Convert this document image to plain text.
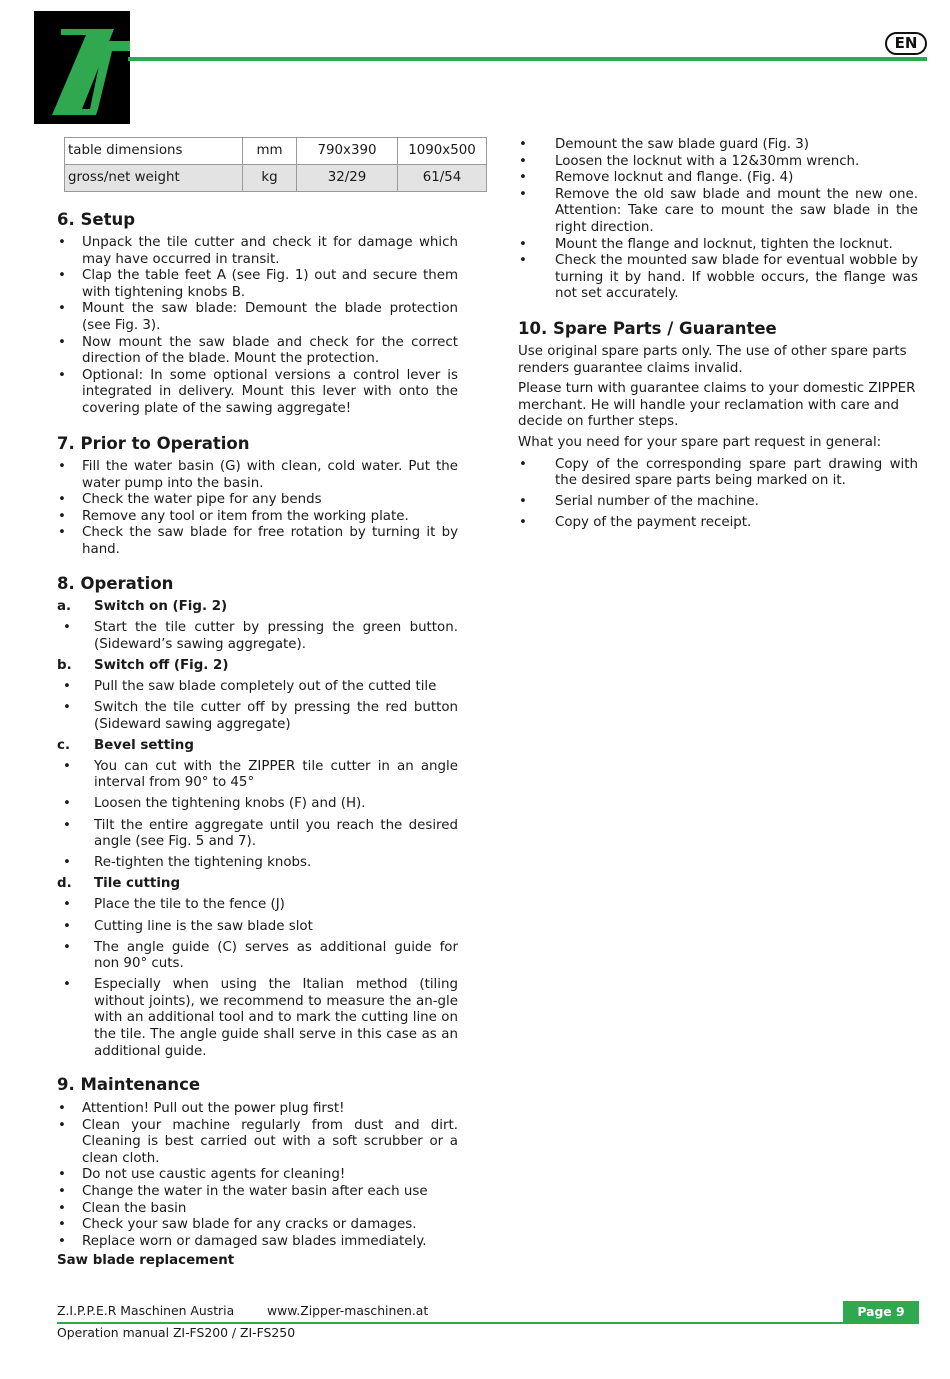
EN
table dimensions	mm	790x390	1090x500
gross/net weight	kg	32/29	61/54
6. Setup
• Unpack the tile cutter and check it for damage which may have occurred in transit.
• Clap the table feet A (see Fig. 1) out and secure them with tightening knobs B.
• Mount the saw blade: Demount the blade protection (see Fig. 3).
• Now mount the saw blade and check for the correct direction of the blade. Mount the protection.
• Optional: In some optional versions a control lever is integrated in delivery. Mount this lever with onto the covering plate of the sawing aggregate!
7. Prior to Operation
• Fill the water basin (G) with clean, cold water. Put the water pump into the basin.
• Check the water pipe for any bends
• Remove any tool or item from the working plate.
• Check the saw blade for free rotation by turning it by hand.
8. Operation
a. Switch on (Fig. 2)
• Start the tile cutter by pressing the green button. (Sideward’s sawing aggregate).
b. Switch off (Fig. 2)
• Pull the saw blade completely out of the cutted tile
• Switch the tile cutter off by pressing the red button (Sideward sawing aggregate)
c. Bevel setting
• You can cut with the ZIPPER tile cutter in an angle interval from 90° to 45°
• Loosen the tightening knobs (F) and (H).
• Tilt the entire aggregate until you reach the desired angle (see Fig. 5 and 7).
• Re-tighten the tightening knobs.
d. Tile cutting
• Place the tile to the fence (J)
• Cutting line is the saw blade slot
• The angle guide (C) serves as additional guide for non 90° cuts.
• Especially when using the Italian method (tiling without joints), we recommend to measure the an-gle with an additional tool and to mark the cutting line on the tile. The angle guide shall serve in this case as an additional guide.
9. Maintenance
• Attention! Pull out the power plug first!
• Clean your machine regularly from dust and dirt. Cleaning is best carried out with a soft scrubber or a clean cloth.
• Do not use caustic agents for cleaning!
• Change the water in the water basin after each use
• Clean the basin
• Check your saw blade for any cracks or damages.
• Replace worn or damaged saw blades immediately.
Saw blade replacement
• Demount the saw blade guard (Fig. 3)
• Loosen the locknut with a 12&30mm wrench.
• Remove locknut and flange. (Fig. 4)
• Remove the old saw blade and mount the new one. Attention: Take care to mount the saw blade in the right direction.
• Mount the flange and locknut, tighten the locknut.
• Check the mounted saw blade for eventual wobble by turning it by hand. If wobble occurs, the flange was not set accurately.
10. Spare Parts / Guarantee

Use original spare parts only. The use of other spare parts renders guarantee claims invalid.

Please turn with guarantee claims to your domestic ZIPPER merchant. He will handle your reclamation with care and decide on further steps.

What you need for your spare part request in general:

• Copy of the corresponding spare part drawing with the desired spare parts being marked on it.
• Serial number of the machine.
• Copy of the payment receipt.
Z.I.P.P.E.R Maschinen Austria	www.Zipper-maschinen.at	Page 9
Operation manual ZI-FS200 / ZI-FS250
